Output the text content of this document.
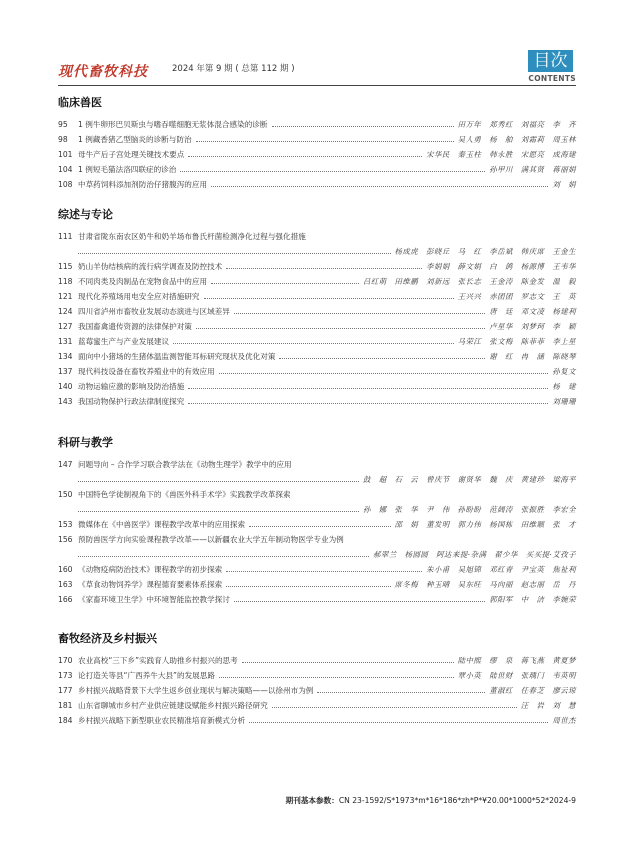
现代畜牧科技	2024 年第 9 期 ( 总第 112 期 )	目次
CONTENTS
临床兽医
95	1 例牛卵形巴贝斯虫与嗜吞噬细胞无浆体混合感染的诊断	田万年　郑秀红　刘福亮　李　齐
98	1 例藏香猪乙型脑炎的诊断与防治	吴人勇　杨　舶　刘霜莉　周玉林
101 母牛产后子宫处理关键技术要点	宋华民　秦玉柱　韩永胜　宋愿亮　成海建
104 1 例短毛猫法洛四联症的诊治	孙甲川　满其贤　蒋丽娟
108 中草药饲料添加剂防治仔猪腹泻的应用	刘　娟
综述与专论
111 甘肃省陇东南农区奶牛和奶羊场布鲁氏杆菌检测净化过程与强化措施
杨成虎　彭晓丘　马　红　李岳斌　韩庆席　王金生
115 奶山羊伪结核病的流行病学调查及防控技术	李娟娟　薛文娟　白　鸽　杨源博　王韦华
118 不同肉类及肉制品在宠物食品中的应用	吕红萌　田维鹏　刘新远　张长志　王金涛　陈金发　温　毅
121 现代化养殖场用电安全应对措施研究	王兴兴　赤团团　罗志文　王　英
124 四川省泸州市畜牧业发展动态演进与区域差异	唐　廷　邓文凌　杨建利
127 我国畜禽遗传资源的法律保护对策	卢星华　刘梦珂　李　颖
131 蓝莓蜜生产与产业发展建议	马荣江　张文梅　陈菲菲　李上星
134 面向中小猪场的生猪体温监测智能耳标研究现状及优化对策	谢　红　冉　涵　陈晓琴
137 现代科技设备在畜牧养殖业中的有效应用	孙复文
140 动物运输应激的影响及防治措施	杨　建
143 我国动物保护行政法律制度探究	刘珊珊
科研与教学
147 问题导向 – 合作学习联合教学法在《动物生理学》教学中的应用
鼓　超　石　云　曾庆节　谢贤华　魏　庆　黄建珍　梁海平
150 中国特色学徒制视角下的《兽医外科手术学》实践教学改革探索
孙　娜　张　华　尹　伟　孙盼盼　范阔涛　张振胜　李宏全
153 微媒体在《中兽医学》课程教学改革中的应用探索	邵　娟　董发明　郭力伟　杨国栋　田维顺　张　才
156 预防兽医学方向实验课程教学改革——以新疆农业大学五年制动物医学专业为例
郝翠兰　杨圆圆　阿达来提·杂满　翟少华　买买提·艾孜子
160 《动物疫病防治技术》课程教学的初步探索	朱小甫　吴旭锦　邓红青　尹宝英　焦祉利
163 《草食动物饲养学》课程德育要素体系探索	席冬梅　种玉晴　吴东旺　马向丽　赵志丽　岳　丹
166 《家畜环境卫生学》中环境智能监控教学探讨	郭阳军　中　洁　李婉荣
畜牧经济及乡村振兴
170 农业高校“三下乡”实践育人助推乡村振兴的思考	陆中熙　缪　泉　蒋飞燕　黄夏梦
173 论打造关等县“广西养牛大县”的发展思路	覃小英　陆世财　张瑀门　韦英明
177 乡村振兴战略背景下大学生返乡创业现状与解决策略——以徐州市为例	董淑红　任春芝　廖云琼
181 山东省聊城市乡村产业供应链建设赋能乡村振兴路径研究	汪　岩　刘　慧
184 乡村振兴战略下新型职业农民精准培育新模式分析	周世杰
期刊基本参数：CN 23-1592/S*1973*m*16*186*zh*P*¥20.00*1000*52*2024-9
